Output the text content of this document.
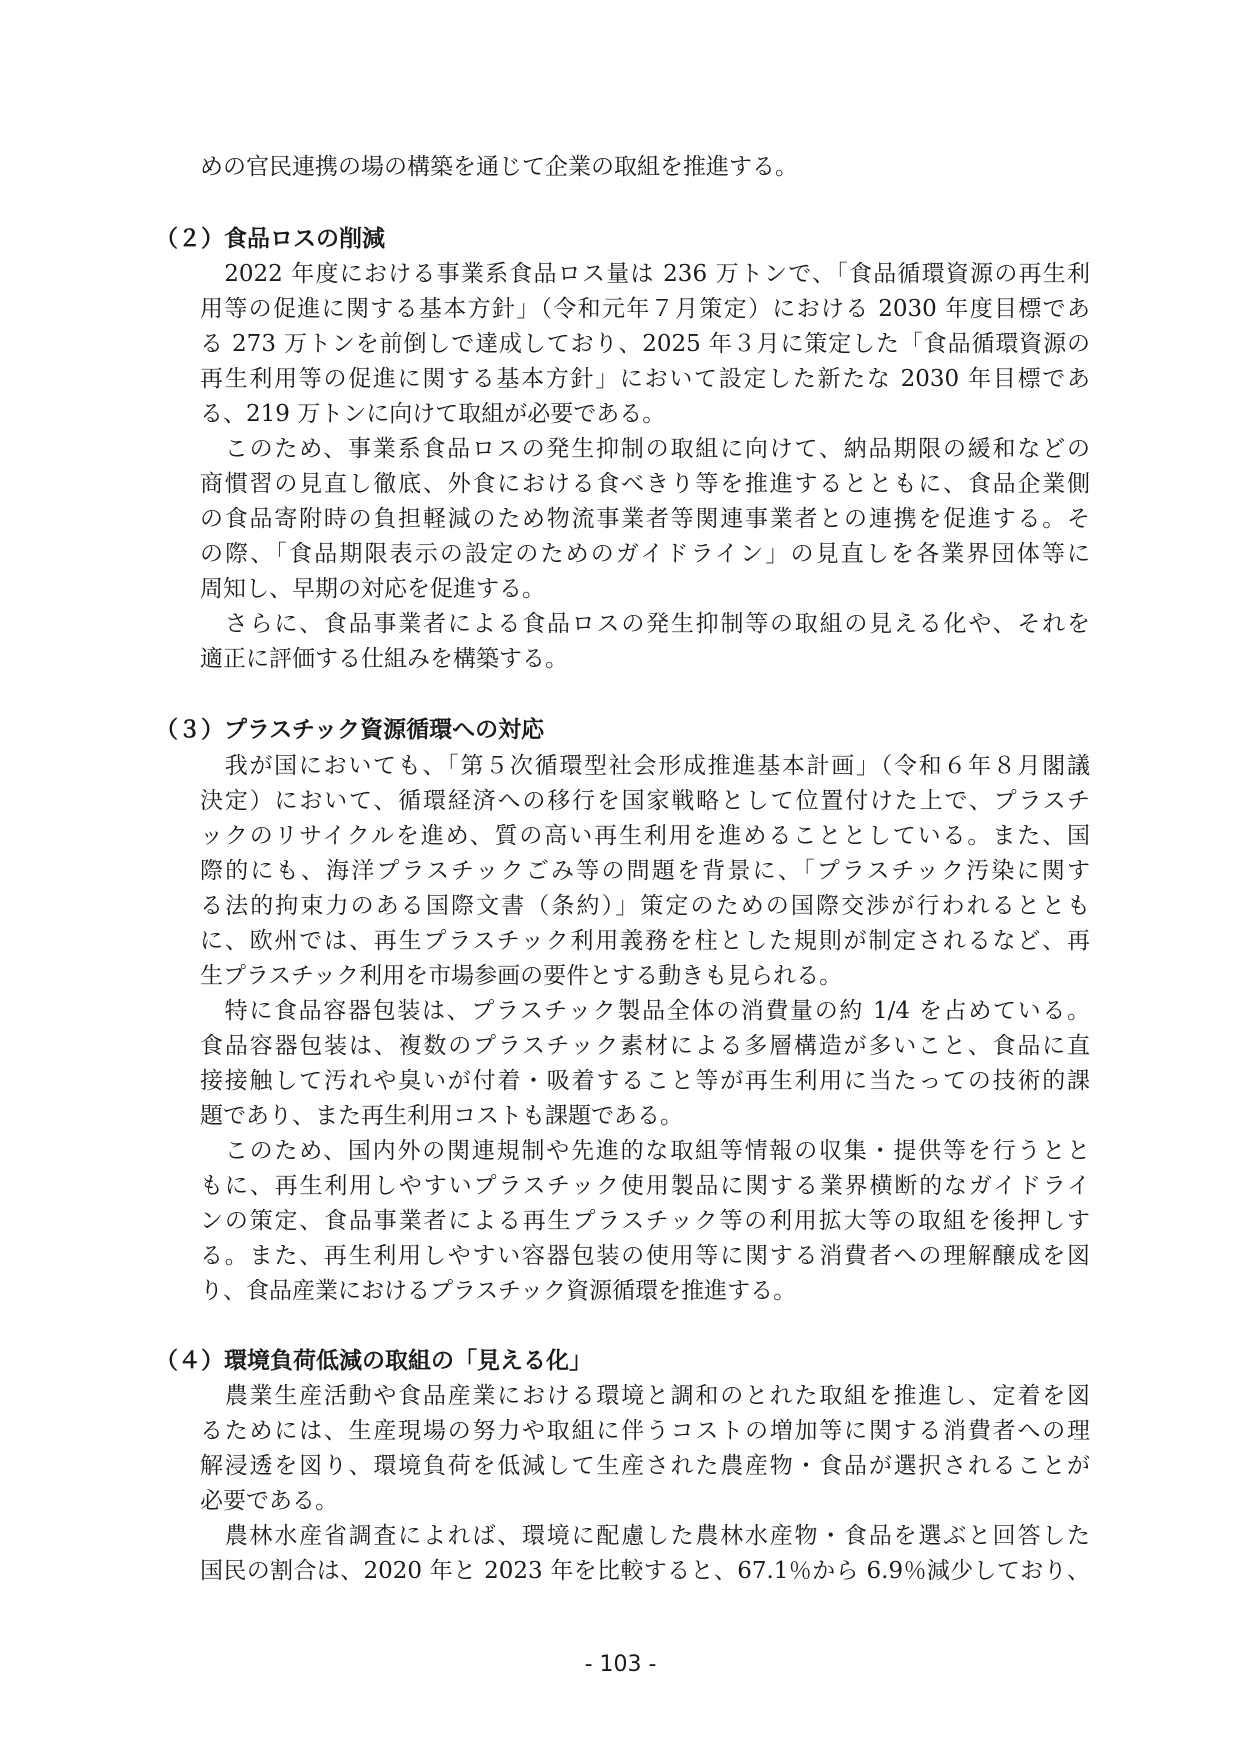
めの官民連携の場の構築を通じて企業の取組を推進する。
（２）食品ロスの削減
　2022 年度における事業系食品ロス量は 236 万トンで、「食品循環資源の再生利
用等の促進に関する基本方針」（令和元年７月策定）における 2030 年度目標であ
る 273 万トンを前倒しで達成しており、2025 年３月に策定した「食品循環資源の
再生利用等の促進に関する基本方針」において設定した新たな 2030 年目標であ
る、219 万トンに向けて取組が必要である。
　このため、事業系食品ロスの発生抑制の取組に向けて、納品期限の緩和などの
商慣習の見直し徹底、外食における食べきり等を推進するとともに、食品企業側
の食品寄附時の負担軽減のため物流事業者等関連事業者との連携を促進する。そ
の際、「食品期限表示の設定のためのガイドライン」の見直しを各業界団体等に
周知し、早期の対応を促進する。
　さらに、食品事業者による食品ロスの発生抑制等の取組の見える化や、それを
適正に評価する仕組みを構築する。
（３）プラスチック資源循環への対応
　我が国においても、「第５次循環型社会形成推進基本計画」（令和６年８月閣議
決定）において、循環経済への移行を国家戦略として位置付けた上で、プラスチ
ックのリサイクルを進め、質の高い再生利用を進めることとしている。また、国
際的にも、海洋プラスチックごみ等の問題を背景に、「プラスチック汚染に関す
る法的拘束力のある国際文書（条約）」策定のための国際交渉が行われるととも
に、欧州では、再生プラスチック利用義務を柱とした規則が制定されるなど、再
生プラスチック利用を市場参画の要件とする動きも見られる。
　特に食品容器包装は、プラスチック製品全体の消費量の約 1/4 を占めている。
食品容器包装は、複数のプラスチック素材による多層構造が多いこと、食品に直
接接触して汚れや臭いが付着・吸着すること等が再生利用に当たっての技術的課
題であり、また再生利用コストも課題である。
　このため、国内外の関連規制や先進的な取組等情報の収集・提供等を行うとと
もに、再生利用しやすいプラスチック使用製品に関する業界横断的なガイドライ
ンの策定、食品事業者による再生プラスチック等の利用拡大等の取組を後押しす
る。また、再生利用しやすい容器包装の使用等に関する消費者への理解醸成を図
り、食品産業におけるプラスチック資源循環を推進する。
（４）環境負荷低減の取組の「見える化」
　農業生産活動や食品産業における環境と調和のとれた取組を推進し、定着を図
るためには、生産現場の努力や取組に伴うコストの増加等に関する消費者への理
解浸透を図り、環境負荷を低減して生産された農産物・食品が選択されることが
必要である。
　農林水産省調査によれば、環境に配慮した農林水産物・食品を選ぶと回答した
国民の割合は、2020 年と 2023 年を比較すると、67.1％から 6.9％減少しており、
- 103 -
